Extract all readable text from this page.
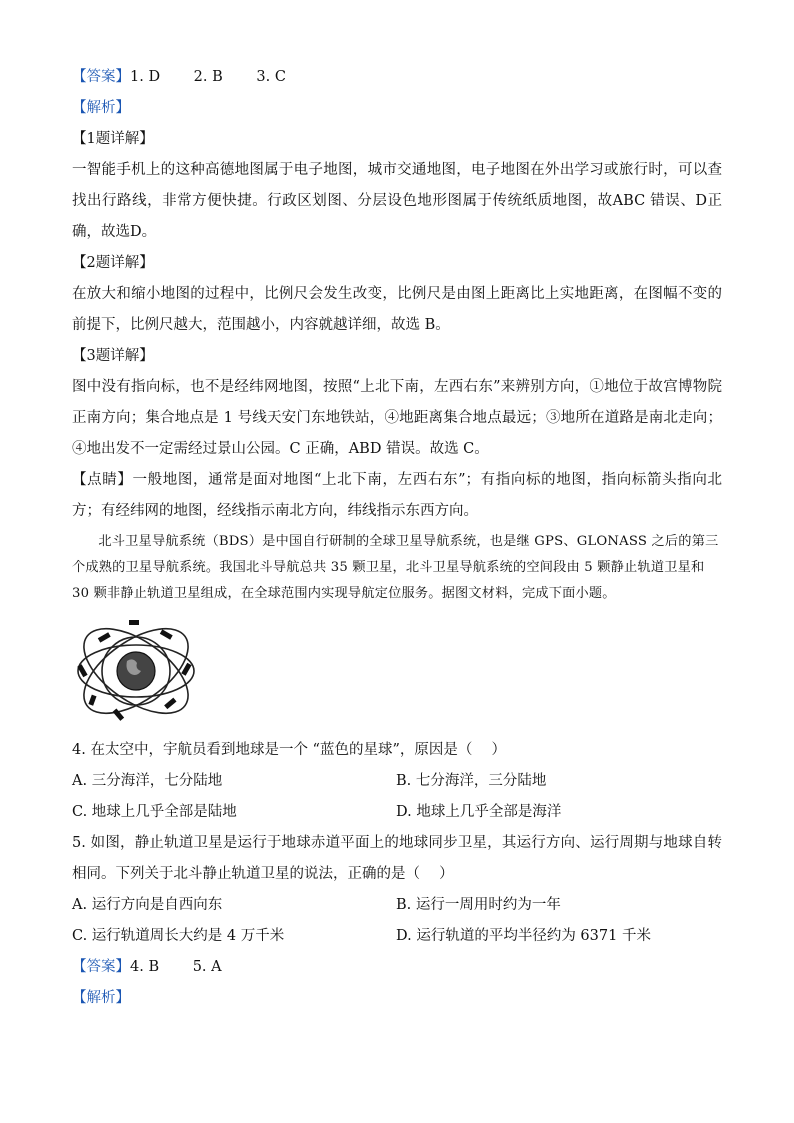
【答案】1. D   2. B   3. C
【解析】
【1题详解】
一智能手机上的这种高德地图属于电子地图，城市交通地图，电子地图在外出学习或旅行时，可以查找出行路线，非常方便快捷。行政区划图、分层设色地形图属于传统纸质地图，故ABC 错误、D正确，故选D。
【2题详解】
在放大和缩小地图的过程中，比例尺会发生改变，比例尺是由图上距离比上实地距离，在图幅不变的前提下，比例尺越大，范围越小，内容就越详细，故选 B。
【3题详解】
图中没有指向标，也不是经纬网地图，按照“上北下南，左西右东”来辨别方向，①地位于故宫博物院正南方向；集合地点是 1 号线天安门东地铁站，④地距离集合地点最远；③地所在道路是南北走向；④地出发不一定需经过景山公园。C 正确，ABD 错误。故选 C。
【点睛】一般地图，通常是面对地图“上北下南，左西右东”；有指向标的地图，指向标箭头指向北方；有经纬网的地图，经线指示南北方向，纬线指示东西方向。
北斗卫星导航系统（BDS）是中国自行研制的全球卫星导航系统，也是继 GPS、GLONASS 之后的第三个成熟的卫星导航系统。我国北斗导航总共 35 颗卫星，北斗卫星导航系统的空间段由 5 颗静止轨道卫星和 30 颗非静止轨道卫星组成，在全球范围内实现导航定位服务。据图文材料，完成下面小题。
4. 在太空中，宇航员看到地球是一个 “蓝色的星球”，原因是（  ）
A. 三分海洋，七分陆地	B. 七分海洋，三分陆地
C. 地球上几乎全部是陆地	D. 地球上几乎全部是海洋
5. 如图，静止轨道卫星是运行于地球赤道平面上的地球同步卫星，其运行方向、运行周期与地球自转相同。下列关于北斗静止轨道卫星的说法，正确的是（  ）
A. 运行方向是自西向东	B. 运行一周用时约为一年
C. 运行轨道周长大约是 4 万千米	D. 运行轨道的平均半径约为 6371 千米
【答案】4. B   5. A
【解析】
